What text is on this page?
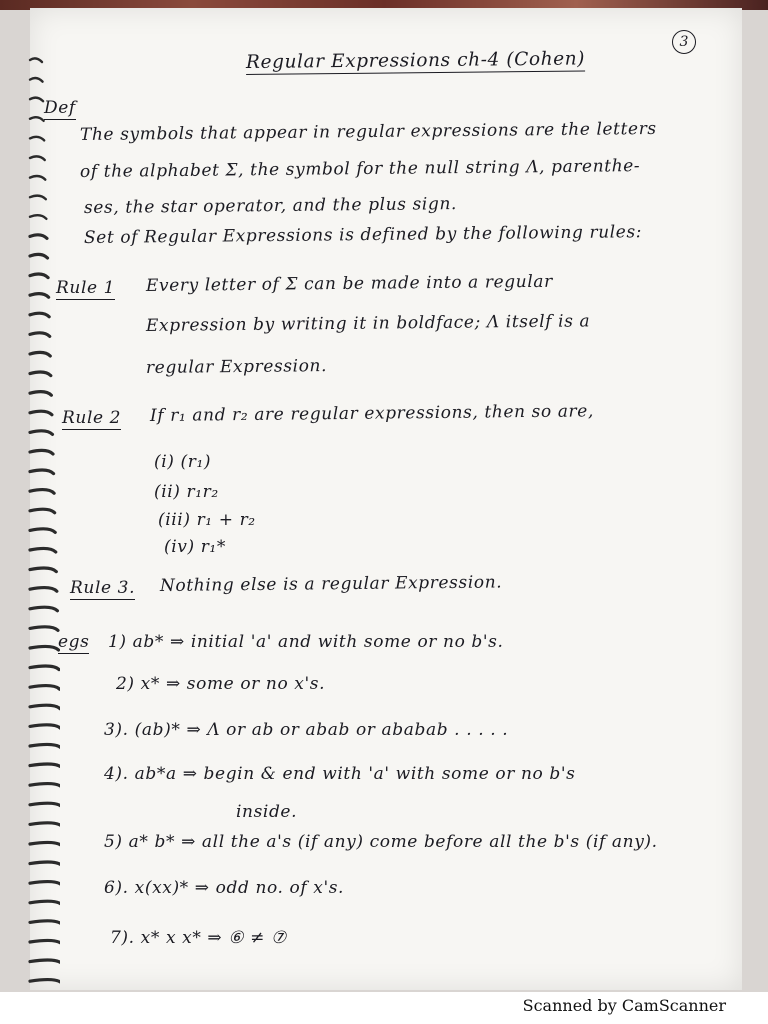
3
Regular Expressions ch-4 (Cohen)
Def
The symbols that appear in regular expressions are the letters
of the alphabet Σ, the symbol for the null string Λ, parenthe-
ses, the star operator, and the plus sign.
Set of Regular Expressions is defined by the following rules:
Rule 1 Every letter of Σ can be made into a regular
Expression by writing it in boldface; Λ itself is a
regular Expression.
Rule 2 If r₁ and r₂ are regular expressions, then so are,
(i) (r₁)
(ii) r₁r₂
(iii) r₁ + r₂
(iv) r₁*
Rule 3. Nothing else is a regular Expression.
egs 1) ab* ⇒ initial 'a' and with some or no b's.
2) x* ⇒ some or no x's.
3). (ab)* ⇒ Λ or ab or abab or ababab . . . . .
4). ab*a ⇒ begin & end with 'a' with some or no b's
inside.
5) a* b* ⇒ all the a's (if any) come before all the b's (if any).
6). x(xx)* ⇒ odd no. of x's.
7). x* x x* ⇒ ⑥ ≠ ⑦
Scanned by CamScanner
